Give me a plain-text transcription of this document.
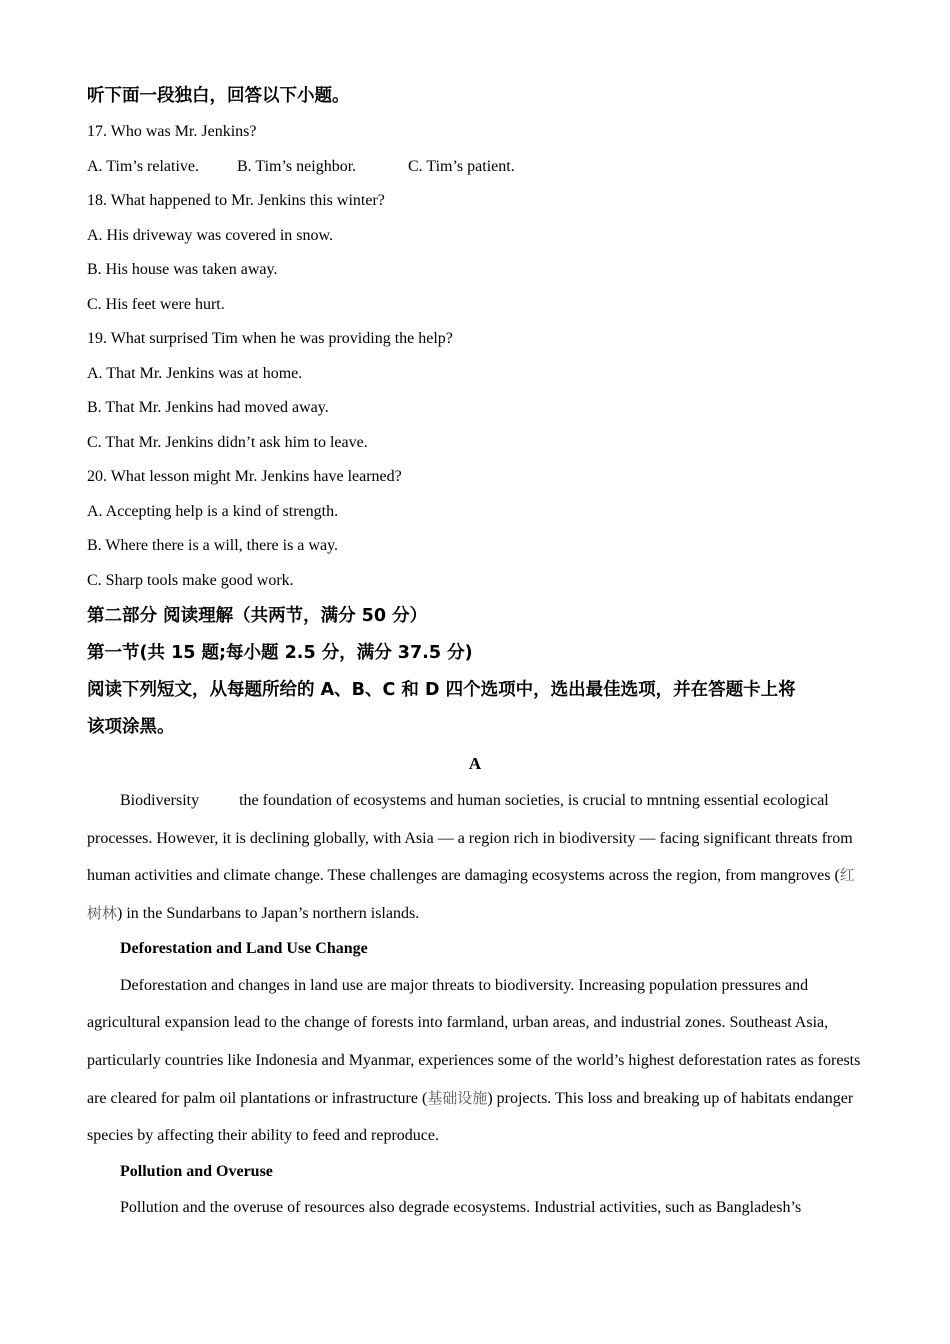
听下面一段独白，回答以下小题。
17. Who was Mr. Jenkins?
A. Tim’s relative.	B. Tim’s neighbor.	C. Tim’s patient.
18. What happened to Mr. Jenkins this winter?
A. His driveway was covered in snow.
B. His house was taken away.
C. His feet were hurt.
19. What surprised Tim when he was providing the help?
A. That Mr. Jenkins was at home.
B. That Mr. Jenkins had moved away.
C. That Mr. Jenkins didn’t ask him to leave.
20. What lesson might Mr. Jenkins have learned?
A. Accepting help is a kind of strength.
B. Where there is a will, there is a way.
C. Sharp tools make good work.
第二部分 阅读理解（共两节，满分 50 分）
第一节(共 15 题;每小题 2.5 分，满分 37.5 分)
阅读下列短文，从每题所给的 A、B、C 和 D 四个选项中，选出最佳选项，并在答题卡上将
该项涂黑。
A

Biodiversity	the foundation of ecosystems and human societies, is crucial to mntning essential ecological processes. However, it is declining globally, with Asia — a region rich in biodiversity — facing significant threats from human activities and climate change. These challenges are damaging ecosystems across the region, from mangroves (红树林) in the Sundarbans to Japan’s northern islands.

Deforestation and Land Use Change

Deforestation and changes in land use are major threats to biodiversity. Increasing population pressures and agricultural expansion lead to the change of forests into farmland, urban areas, and industrial zones. Southeast Asia, particularly countries like Indonesia and Myanmar, experiences some of the world’s highest deforestation rates as forests are cleared for palm oil plantations or infrastructure (基础设施) projects. This loss and breaking up of habitats endanger species by affecting their ability to feed and reproduce.

Pollution and Overuse

Pollution and the overuse of resources also degrade ecosystems. Industrial activities, such as Bangladesh’s
